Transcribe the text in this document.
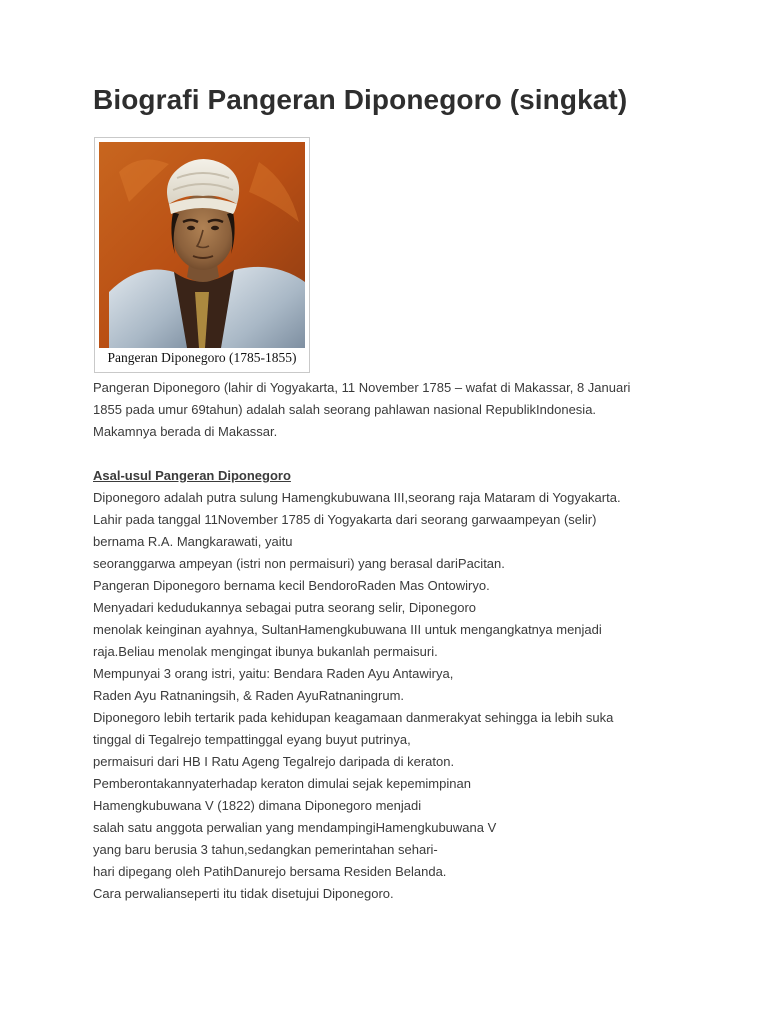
Biografi Pangeran Diponegoro (singkat)
Pangeran Diponegoro (1785-1855)
Pangeran Diponegoro (lahir di Yogyakarta, 11 November 1785 – wafat di Makassar, 8 Januari
1855 pada umur 69tahun) adalah salah seorang pahlawan nasional RepublikIndonesia.
Makamnya berada di Makassar.
Asal-usul Pangeran Diponegoro
Diponegoro adalah putra sulung Hamengkubuwana III,seorang raja Mataram di Yogyakarta.
Lahir pada tanggal 11November 1785 di Yogyakarta dari seorang garwaampeyan (selir)
bernama R.A. Mangkarawati, yaitu
seoranggarwa ampeyan (istri non permaisuri) yang berasal dariPacitan.
Pangeran Diponegoro bernama kecil BendoroRaden Mas Ontowiryo.
Menyadari kedudukannya sebagai putra seorang selir, Diponegoro
menolak keinginan ayahnya, SultanHamengkubuwana III untuk mengangkatnya menjadi
raja.Beliau menolak mengingat ibunya bukanlah permaisuri.
Mempunyai 3 orang istri, yaitu: Bendara Raden Ayu Antawirya,
Raden Ayu Ratnaningsih, & Raden AyuRatnaningrum.
Diponegoro lebih tertarik pada kehidupan keagamaan danmerakyat sehingga ia lebih suka
tinggal di Tegalrejo tempattinggal eyang buyut putrinya,
permaisuri dari HB I Ratu Ageng Tegalrejo daripada di keraton.
Pemberontakannyaterhadap keraton dimulai sejak kepemimpinan
Hamengkubuwana V (1822) dimana Diponegoro menjadi
salah satu anggota perwalian yang mendampingiHamengkubuwana V
yang baru berusia 3 tahun,sedangkan pemerintahan sehari-
hari dipegang oleh PatihDanurejo bersama Residen Belanda.
Cara perwalianseperti itu tidak disetujui Diponegoro.
